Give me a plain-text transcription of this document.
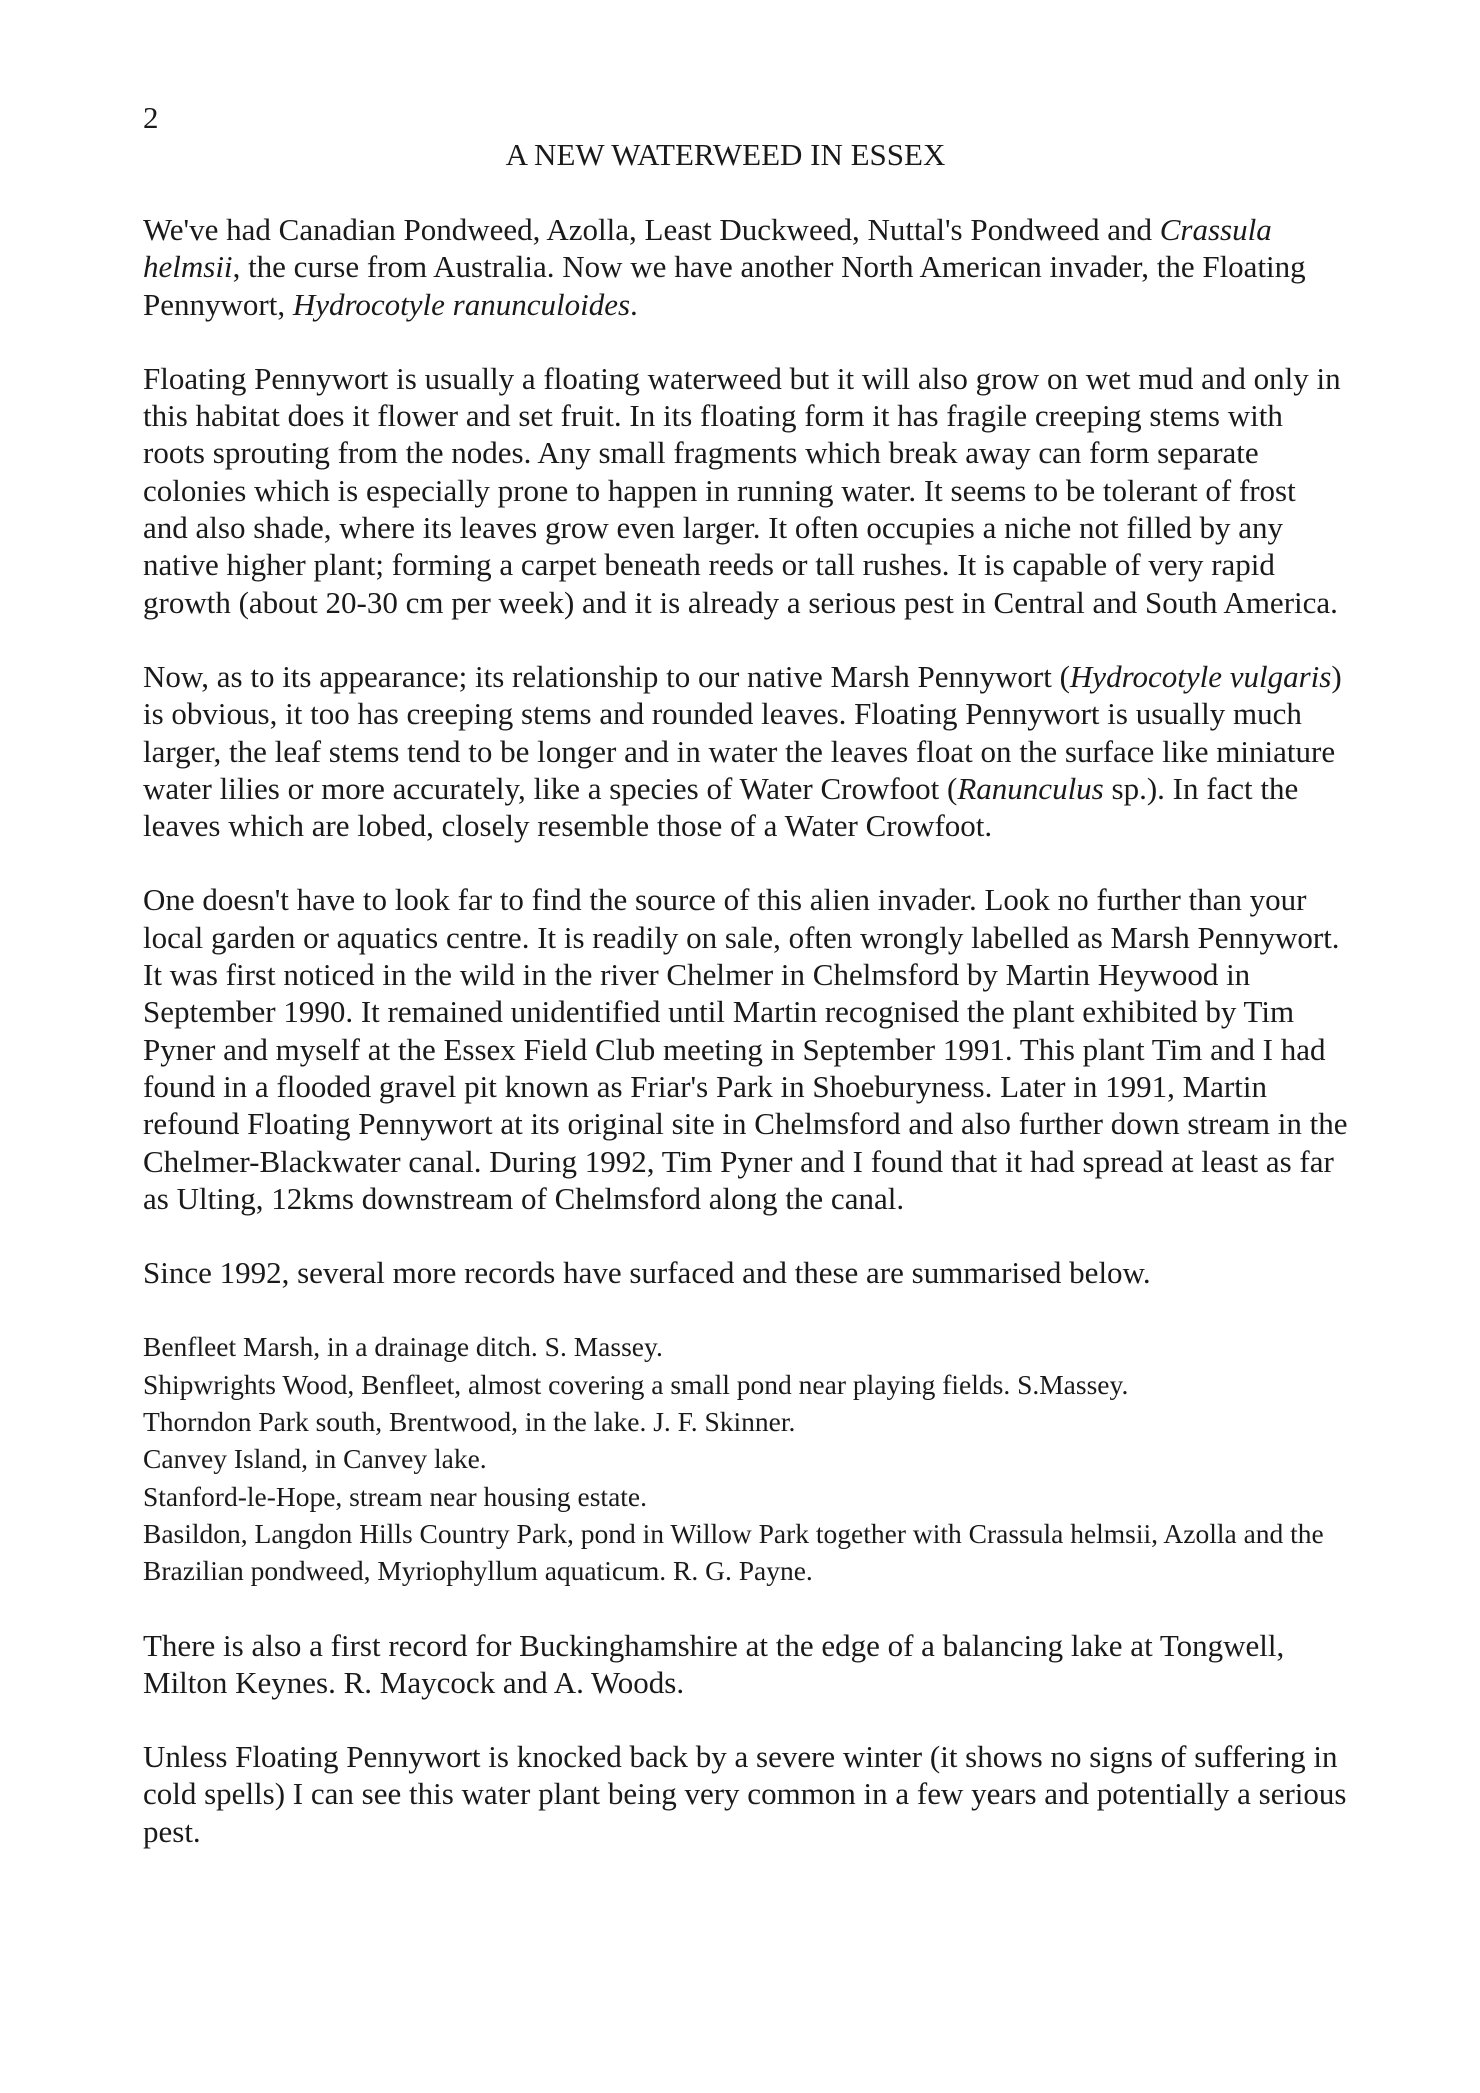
2
A NEW WATERWEED IN ESSEX

We've had Canadian Pondweed, Azolla, Least Duckweed, Nuttal's Pondweed and Crassula helmsii, the curse from Australia. Now we have another North American invader, the Floating Pennywort, Hydrocotyle ranunculoides.

Floating Pennywort is usually a floating waterweed but it will also grow on wet mud and only in this habitat does it flower and set fruit. In its floating form it has fragile creeping stems with roots sprouting from the nodes. Any small fragments which break away can form separate colonies which is especially prone to happen in running water. It seems to be tolerant of frost and also shade, where its leaves grow even larger. It often occupies a niche not filled by any native higher plant; forming a carpet beneath reeds or tall rushes. It is capable of very rapid growth (about 20-30 cm per week) and it is already a serious pest in Central and South America.

Now, as to its appearance; its relationship to our native Marsh Pennywort (Hydrocotyle vulgaris) is obvious, it too has creeping stems and rounded leaves. Floating Pennywort is usually much larger, the leaf stems tend to be longer and in water the leaves float on the surface like miniature water lilies or more accurately, like a species of Water Crowfoot (Ranunculus sp.). In fact the leaves which are lobed, closely resemble those of a Water Crowfoot.

One doesn't have to look far to find the source of this alien invader. Look no further than your local garden or aquatics centre. It is readily on sale, often wrongly labelled as Marsh Pennywort. It was first noticed in the wild in the river Chelmer in Chelmsford by Martin Heywood in September 1990. It remained unidentified until Martin recognised the plant exhibited by Tim Pyner and myself at the Essex Field Club meeting in September 1991. This plant Tim and I had found in a flooded gravel pit known as Friar's Park in Shoeburyness. Later in 1991, Martin refound Floating Pennywort at its original site in Chelmsford and also further down stream in the Chelmer-Blackwater canal. During 1992, Tim Pyner and I found that it had spread at least as far as Ulting, 12kms downstream of Chelmsford along the canal.

Since 1992, several more records have surfaced and these are summarised below.

Benfleet Marsh, in a drainage ditch. S. Massey.

Shipwrights Wood, Benfleet, almost covering a small pond near playing fields. S.Massey.

Thorndon Park south, Brentwood, in the lake. J. F. Skinner.

Canvey Island, in Canvey lake.

Stanford-le-Hope, stream near housing estate.

Basildon, Langdon Hills Country Park, pond in Willow Park together with Crassula helmsii, Azolla and the Brazilian pondweed, Myriophyllum aquaticum. R. G. Payne.

There is also a first record for Buckinghamshire at the edge of a balancing lake at Tongwell, Milton Keynes. R. Maycock and A. Woods.

Unless Floating Pennywort is knocked back by a severe winter (it shows no signs of suffering in cold spells) I can see this water plant being very common in a few years and potentially a serious pest.
